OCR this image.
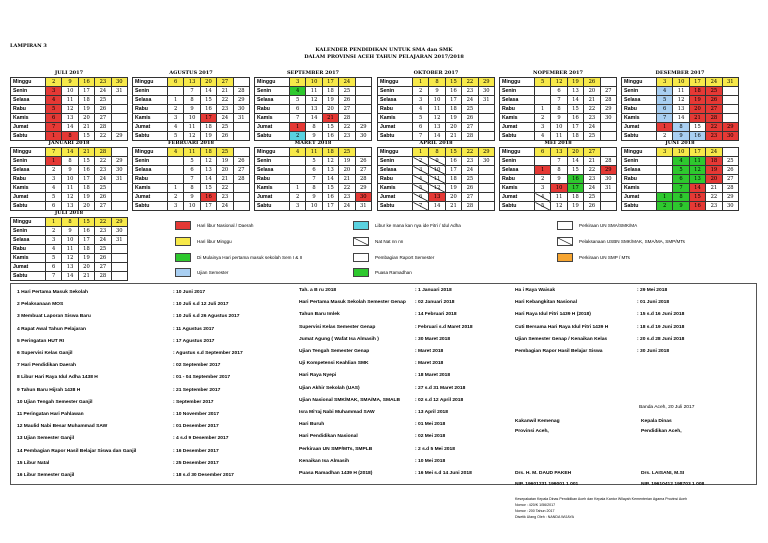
LAMPIRAN 3
KALENDER PENDIDIKAN UNTUK SMA dan SMK
DALAM PROVINSI ACEH TAHUN PELAJARAN 2017/2018
JULI 2017
Minggu	2	9	16	23	30
Senin	3	10	17	24	31
Selasa	4	11	18	25	
Rabu	5	12	19	26	
Kamis	6	13	20	27	
Jumat	7	14	21	28	
Sabtu	1	8	15	22	29
AGUSTUS 2017
Minggu	6	13	20	27	
Senin		7	14	21	28
Selasa	1	8	15	22	29
Rabu	2	9	16	23	30
Kamis	3	10	17	24	31
Jumat	4	11	18	25	
Sabtu	5	12	19	26	
SEPTEMBER 2017
Minggu	3	10	17	24	
Senin	4	11	18	25	
Selasa	5	12	19	26	
Rabu	6	13	20	27	
Kamis	7	14	21	28	
Jumat	1	8	15	22	29
Sabtu	2	9	16	23	30
OKTOBER 2017
Minggu	1	8	15	22	29
Senin	2	9	16	23	30
Selasa	3	10	17	24	31
Rabu	4	11	18	25	
Kamis	5	12	19	26	
Jumat	6	13	20	27	
Sabtu	7	14	21	28	
NOPEMBER 2017
Minggu	5	12	19	26	
Senin		6	13	20	27
Selasa		7	14	21	28
Rabu	1	8	15	22	29
Kamis	2	9	16	23	30
Jumat	3	10	17	24	
Sabtu	4	11	18	25	
DESEMBER 2017
Minggu	3	10	17	24	31
Senin	4	11	18	25	
Selasa	5	12	19	26	
Rabu	6	13	20	27	
Kamis	7	14	21	28	
Jumat	1	8	15	22	29
Sabtu	2	9	16	23	30
JANUARI 2018
Minggu	7	14	21	28	
Senin	1	8	15	22	29
Selasa	2	9	16	23	30
Rabu	3	10	17	24	31
Kamis	4	11	18	25	
Jumat	5	12	19	26	
Sabtu	6	13	20	27	
FEBRUARI 2018
Minggu	4	11	18	25	
Senin		5	12	19	26
Selasa		6	13	20	27
Rabu		7	14	21	28
Kamis	1	8	15	22	
Jumat	2	9	16	23	
Sabtu	3	10	17	24	
MARET 2018
Minggu	4	11	18	25	
Senin		5	12	19	26
Selasa		6	13	20	27
Rabu		7	14	21	28
Kamis	1	8	15	22	29
Jumat	2	9	16	23	30
Sabtu	3	10	17	24	31
APRIL 2018
Minggu	1	8	15	22	29
Senin	2	9	16	23	30
Selasa	3	10	17	24	
Rabu	4	11	18	25	
Kamis	5	12	19	26	
Jumat	6	13	20	27	
Sabtu	7	14	21	28	
MEI 2018
Minggu	6	13	20	27	
Senin		7	14	21	28
Selasa	1	8	15	22	29
Rabu	2	9	16	23	30
Kamis	3	10	17	24	31
Jumat	4	11	18	25	
Sabtu	5	12	19	26	
JUNI 2018
Minggu	3	10	17	24	
Senin		4	11	18	25
Selasa		5	12	19	26
Rabu		6	13	20	27
Kamis		7	14	21	28
Jumat	1	8	15	22	29
Sabtu	2	9	16	23	30
JULI 2018
Minggu	1	8	15	22	29
Senin	2	9	16	23	30
Selasa	3	10	17	24	31
Rabu	4	11	18	25	
Kamis	5	12	19	26	
Jumat	6	13	20	27	
Sabtu	7	14	21	28	
Hari libur Nasional / Daerah
Hari libur Minggu
Di Mulainya Hari pertama masuk sekolah Sem I & II
Ujian Semester
Libur ke mana kan nya ide Fitri / Idul Adha
Nat Nat nn nn
Pembagian Raport Semester
Puasa Ramadhan
Perkiraan UN SMA/SMK/MA
Pelaksanaan USBN SMK/MAK, SMA/MA, SMP/MTs
Perkiraan UN SMP / MTs
1 Hari Pertama Masuk Sekolah	: 10 Juni 2017
2 Pelaksanaan MOS	: 10 Juli s.d 12 Juli 2017
3 Membuat Laporan Siswa Baru	: 10 Juli s.d 26 Agustus 2017
4 Rapat Awal Tahun Pelajaran	: 11 Agustus 2017
5 Peringatan HUT RI	: 17 Agustus 2017
6 Supervisi Kelas Ganjil	: Agustus s.d September 2017
7 Hari Pendidikan Daerah	: 02 September 2017
8 Libur Hari Raya Idul Adha 1438 H	: 01 - 04 September 2017
9 Tahun Baru Hijrah 1438 H	: 21 September 2017
10 Ujian Tengah Semester Ganjil	: September 2017
11 Peringatan Hari Pahlawan	: 10 November 2017
12 Maulid Nabi Besar Muhammad SAW	: 01 Desember 2017
13 Ujian Semester Ganjil	: 4 s.d 9 Desember 2017
14 Pembagian Rapor Hasil Belajar Siswa dan Ganjil	: 16 Desember 2017
15 Libur Natal	: 25 Desember 2017
16 Libur Semester Ganjil	: 18 s.d 30 Desember 2017
Tah. a B ru 2018	: 1 Januari 2018
Hari Pertama Masuk Sekolah Semester Genap : 02 Januari 2018
Tahun Baru Imlek	: 14 Februari 2018
Supervisi Kelas Semester Genap	: Februari s.d Maret 2018
Jumat Agung ( Wafat Isa Almasih )	: 30 Maret 2018
Ujian Tengah Semester Genap	: Maret 2018
Uji Kompetensi Keahlian SMK	: Maret 2018
Hari Raya Nyepi	: 18 Maret 2018
Ujian Akhir Sekolah (UAS)	: 27 s.d 31 Maret 2018
Ujian Nasional SMK/MAK, SMA/MA, SMALB	: 02 s.d 12 April 2018
Isra Mi'raj Nabi Muhammad SAW	: 13 April 2018
Hari Buruh	: 01 Mei 2018
Hari Pendidikan Nasional	: 02 Mei 2018
Perkiraan UN SMP/MTs, SMPLB	: 2 s.d 5 Mei 2018
Kenaikan Isa Almasih	: 10 Mei 2018
Puasa Ramadhan 1439 H (2018)	: 16 Mei s.d 14 Juni 2018
Ha i Raya Waisak	: 29 Mei 2018
Hari Kebangkitan Nasional	: 01 Juni 2018
Hari Raya Idul Fitri 1439 H (2018)	: 15 s.d 16 Juni 2018
Cuti Bersama Hari Raya Idul Fitri 1439 H	: 18 s.d 19 Juni 2018
Ujian Semester Genap / Kenaikan Kelas	: 20 s.d 28 Juni 2018
Pembagian Rapor Hasil Belajar Siswa	: 30 Juni 2018
Banda Aceh, 20 Juli 2017
Kakanwil Kemenag
Provinsi Aceh,
Kepala Dinas
Pendidikan Aceh,
Drs. H. M. DAUD PAKEH
NIP. 19601231 199001 1 001
Drs. LAISANI, M.SI
NIP. 19610412 198703 1 008
Kesepakatan Kepala Dinas Pendidikan Aceh dan Kepala Kantor Wilayah Kementerian Agama Provinsi Aceh
Nomor : 420/K 1/56/2017
Nomor : 200 Tahun 2017
Disetik Ulang Oleh : NANDA WIJAYA
